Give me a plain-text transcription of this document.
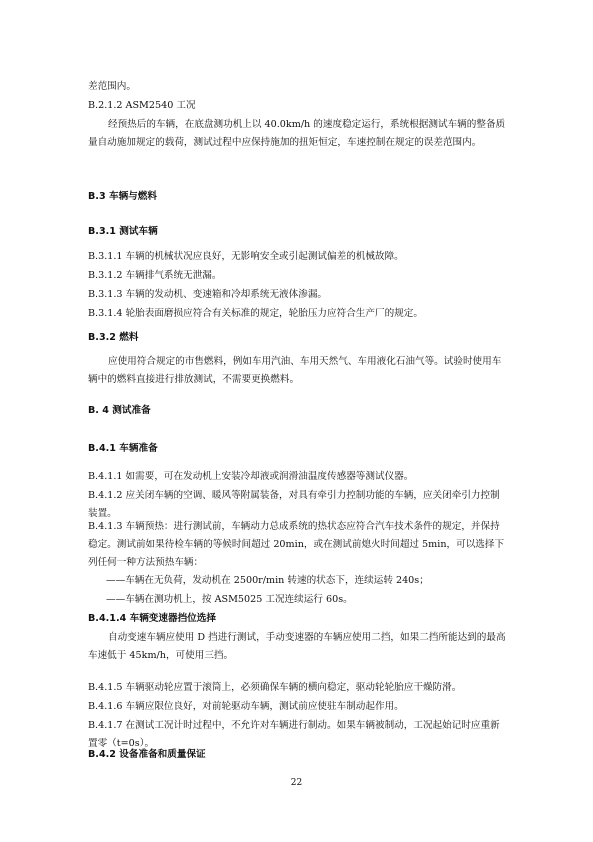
差范围内。
B.2.1.2 ASM2540 工况
经预热后的车辆，在底盘测功机上以 40.0km/h 的速度稳定运行，系统根据测试车辆的整备质量自动施加规定的载荷，测试过程中应保持施加的扭矩恒定，车速控制在规定的误差范围内。
B.3 车辆与燃料
B.3.1 测试车辆
B.3.1.1 车辆的机械状况应良好，无影响安全或引起测试偏差的机械故障。
B.3.1.2 车辆排气系统无泄漏。
B.3.1.3 车辆的发动机、变速箱和冷却系统无液体渗漏。
B.3.1.4 轮胎表面磨损应符合有关标准的规定，轮胎压力应符合生产厂的规定。
B.3.2 燃料
应使用符合规定的市售燃料，例如车用汽油、车用天然气、车用液化石油气等。试验时使用车辆中的燃料直接进行排放测试，不需要更换燃料。
B. 4 测试准备
B.4.1 车辆准备
B.4.1.1 如需要，可在发动机上安装冷却液或润滑油温度传感器等测试仪器。
B.4.1.2 应关闭车辆的空调、暖风等附属装备，对具有牵引力控制功能的车辆，应关闭牵引力控制装置。
B.4.1.3 车辆预热：进行测试前，车辆动力总成系统的热状态应符合汽车技术条件的规定，并保持稳定。测试前如果待检车辆的等候时间超过 20min，或在测试前熄火时间超过 5min，可以选择下列任何一种方法预热车辆：
——车辆在无负荷，发动机在 2500r/min 转速的状态下，连续运转 240s；
——车辆在测功机上，按 ASM5025 工况连续运行 60s。
B.4.1.4 车辆变速器挡位选择
自动变速车辆应使用 D 挡进行测试，手动变速器的车辆应使用二挡，如果二挡所能达到的最高车速低于 45km/h，可使用三挡。
B.4.1.5 车辆驱动轮应置于滚筒上，必须确保车辆的横向稳定，驱动轮轮胎应干燥防滑。
B.4.1.6 车辆应限位良好，对前轮驱动车辆，测试前应使驻车制动起作用。
B.4.1.7 在测试工况计时过程中，不允许对车辆进行制动。如果车辆被制动，工况起始记时应重新置零（t=0s）。
B.4.2 设备准备和质量保证
22
